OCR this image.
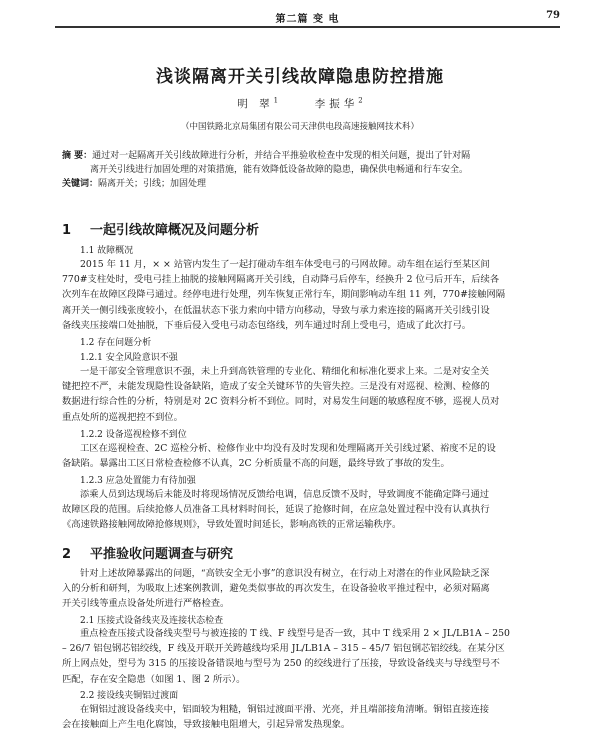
第二篇 变 电	79
浅谈隔离开关引线故障隐患防控措施
明 翠$^1$	李振华$^2$
（中国铁路北京局集团有限公司天津供电段高速接触网技术科）
摘 要：通过对一起隔离开关引线故障进行分析，并结合平推验收检查中发现的相关问题，提出了针对隔
离开关引线进行加固处理的对策措施，能有效降低设备故障的隐患，确保供电畅通和行车安全。
关键词：隔离开关；引线；加固处理
1 一起引线故障概况及问题分析
1.1 故障概况
2015 年 11 月，× × 站管内发生了一起打碰动车组车体受电弓的弓网故障。动车组在运行至某区间
770#支柱处时，受电弓挂上抽脱的接触网隔离开关引线，自动降弓后停车，经换升 2 位弓后开车，后续各
次列车在故障区段降弓通过。经停电进行处理，列车恢复正常行车，期间影响动车组 11 列，770#接触网隔
离开关一侧引线张度较小，在低温状态下张力索向中错方向移动，导致与承力索连接的隔离开关引线引设
备线夹压接端口处抽脱，下垂后侵入受电弓动态包络线，列车通过时刮上受电弓，造成了此次打弓。
1.2 存在问题分析
1.2.1 安全风险意识不强
一是干部安全管理意识不强，未上升到高铁管理的专业化、精细化和标准化要求上来。二是对安全关
键把控不严，未能发现隐性设备缺陷，造成了安全关键环节的失管失控。三是没有对巡视、检测、检修的
数据进行综合性的分析，特别是对 2C 资料分析不到位。同时，对易发生问题的敏感程度不够，巡视人员对
重点处所的巡视把控不到位。
1.2.2 设备巡视检修不到位
工区在巡视检查、2C 巡检分析、检修作业中均没有及时发现和处理隔离开关引线过紧、裕度不足的设
备缺陷。暴露出工区日常检查检修不认真，2C 分析质量不高的问题，最终导致了事故的发生。
1.2.3 应急处置能力有待加强
添乘人员到达现场后未能及时将现场情况反馈给电调，信息反馈不及时，导致调度不能确定降弓通过
故障区段的范围。后续抢修人员准备工具材料时间长，延误了抢修时间，在应急处置过程中没有认真执行
《高速铁路接触网故障抢修规则》，导致处置时间延长，影响高铁的正常运输秩序。
2 平推验收问题调查与研究
针对上述故障暴露出的问题，“高铁安全无小事”的意识没有树立，在行动上对潜在的作业风险缺乏深
入的分析和研判，为吸取上述案例教训，避免类似事故的再次发生，在设备验收平推过程中，必须对隔离
开关引线等重点设备处所进行严格检查。
2.1 压接式设备线夹及连接状态检查
重点检查压接式设备线夹型号与被连接的 T 线、F 线型号是否一致，其中 T 线采用 2 × JL/LB1A – 250
– 26/7 铝包钢芯铝绞线，F 线及开联开关跨越线均采用 JL/LB1A – 315 – 45/7 铝包钢芯铝绞线。在某分区
所上网点处，型号为 315 的压接设备错误地与型号为 250 的绞线进行了压接，导致设备线夹与导线型号不
匹配，存在安全隐患（如图 1、图 2 所示）。
2.2 接设线夹铜铝过渡面
在铜铝过渡设备线夹中，铝面较为粗糙，铜铝过渡面平滑、光亮，并且端部接角清晰。铜铝直接连接
会在接触面上产生电化腐蚀，导致接触电阻增大，引起异常发热现象。
